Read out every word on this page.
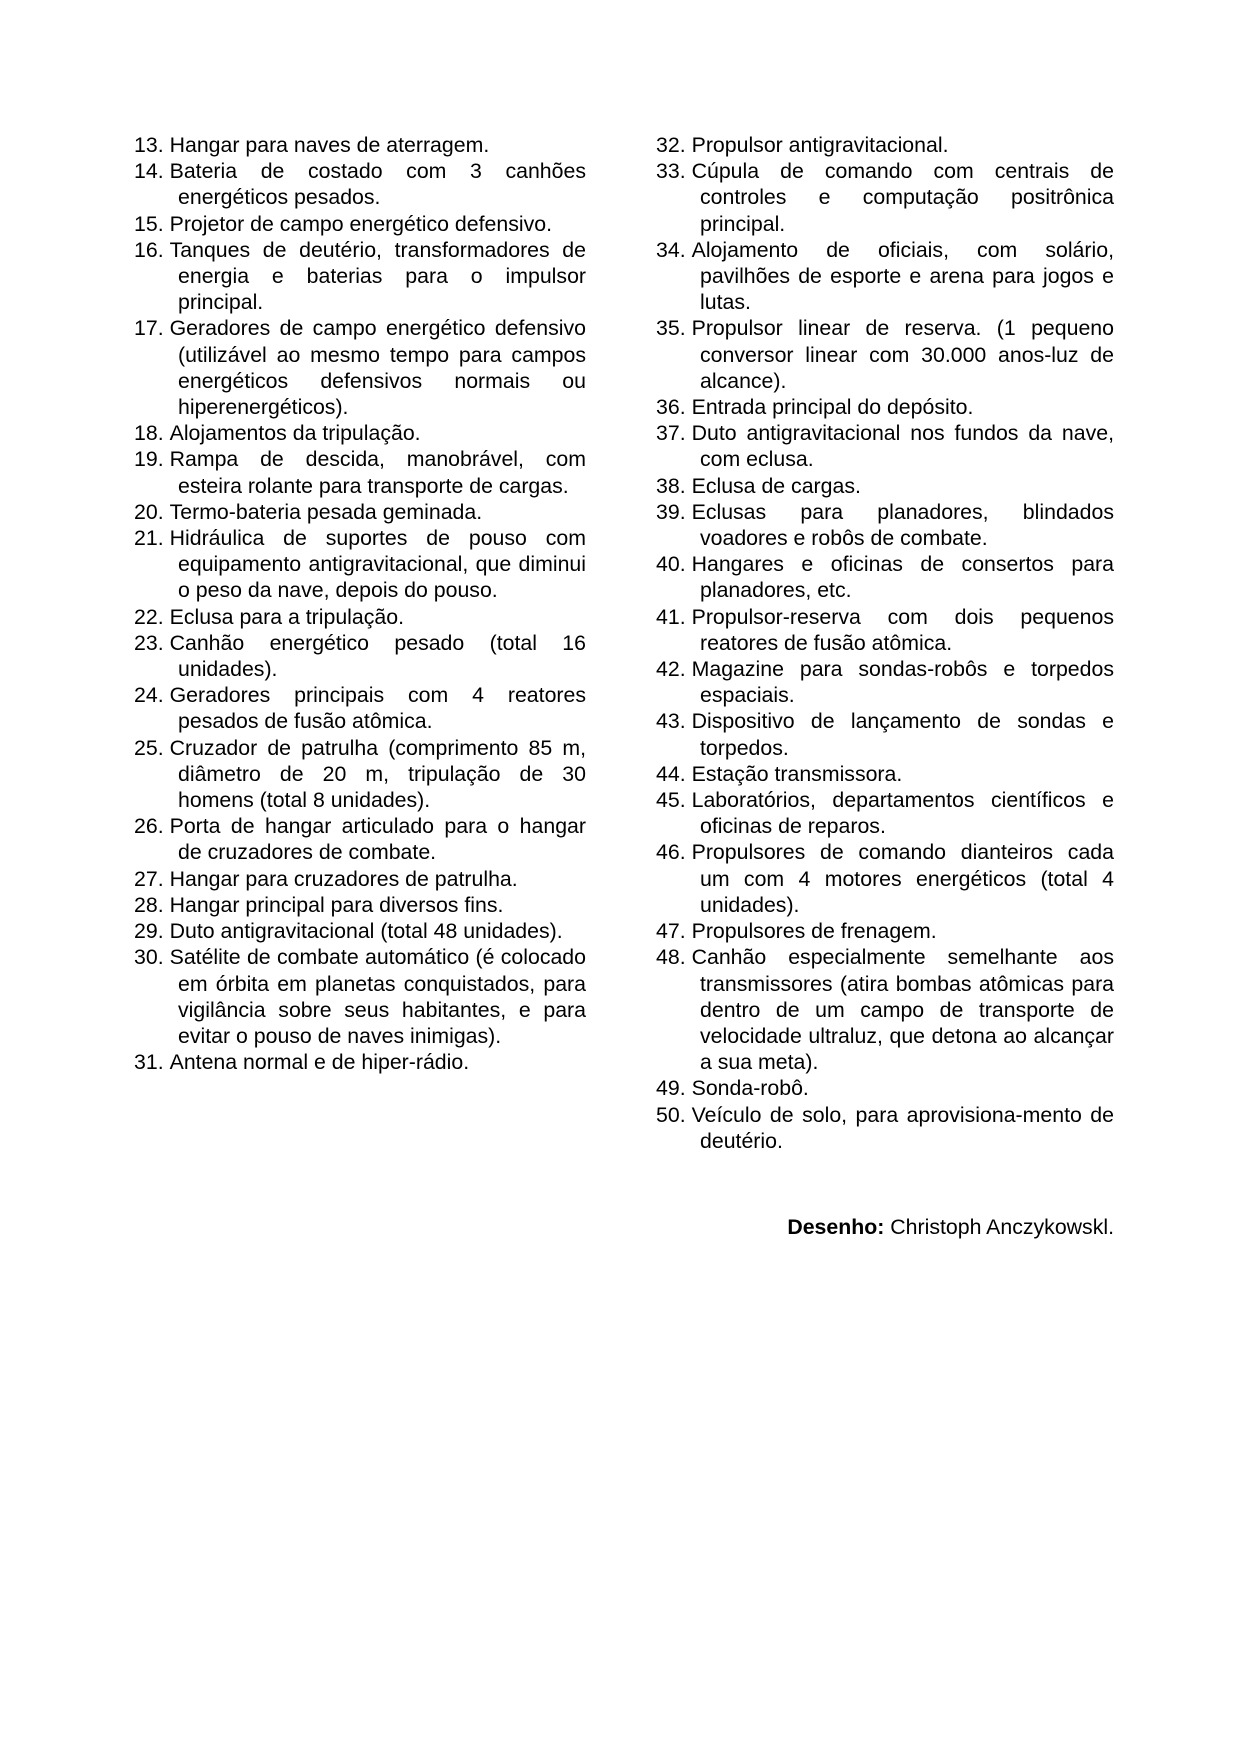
13. Hangar para naves de aterragem.
14. Bateria de costado com 3 canhões energéticos pesados.
15. Projetor de campo energético defensivo.
16. Tanques de deutério, transformadores de energia e baterias para o impulsor principal.
17. Geradores de campo energético defensivo (utilizável ao mesmo tempo para campos energéticos defensivos normais ou hiperenergéticos).
18. Alojamentos da tripulação.
19. Rampa de descida, manobrável, com esteira rolante para transporte de cargas.
20. Termo-bateria pesada geminada.
21. Hidráulica de suportes de pouso com equipamento antigravitacional, que diminui o peso da nave, depois do pouso.
22. Eclusa para a tripulação.
23. Canhão energético pesado (total 16 unidades).
24. Geradores principais com 4 reatores pesados de fusão atômica.
25. Cruzador de patrulha (comprimento 85 m, diâmetro de 20 m, tripulação de 30 homens (total 8 unidades).
26. Porta de hangar articulado para o hangar de cruzadores de combate.
27. Hangar para cruzadores de patrulha.
28. Hangar principal para diversos fins.
29. Duto antigravitacional (total 48 unidades).
30. Satélite de combate automático (é colocado em órbita em planetas conquistados, para vigilância sobre seus habitantes, e para evitar o pouso de naves inimigas).
31. Antena normal e de hiper-rádio.
32. Propulsor antigravitacional.
33. Cúpula de comando com centrais de controles e computação positrônica principal.
34. Alojamento de oficiais, com solário, pavilhões de esporte e arena para jogos e lutas.
35. Propulsor linear de reserva. (1 pequeno conversor linear com 30.000 anos-luz de alcance).
36. Entrada principal do depósito.
37. Duto antigravitacional nos fundos da nave, com eclusa.
38. Eclusa de cargas.
39. Eclusas para planadores, blindados voadores e robôs de combate.
40. Hangares e oficinas de consertos para planadores, etc.
41. Propulsor-reserva com dois pequenos reatores de fusão atômica.
42. Magazine para sondas-robôs e torpedos espaciais.
43. Dispositivo de lançamento de sondas e torpedos.
44. Estação transmissora.
45. Laboratórios, departamentos científicos e oficinas de reparos.
46. Propulsores de comando dianteiros cada um com 4 motores energéticos (total 4 unidades).
47. Propulsores de frenagem.
48. Canhão especialmente semelhante aos transmissores (atira bombas atômicas para dentro de um campo de transporte de velocidade ultraluz, que detona ao alcançar a sua meta).
49. Sonda-robô.
50. Veículo de solo, para aprovisiona-mento de deutério.
Desenho: Christoph Anczykowskl.
